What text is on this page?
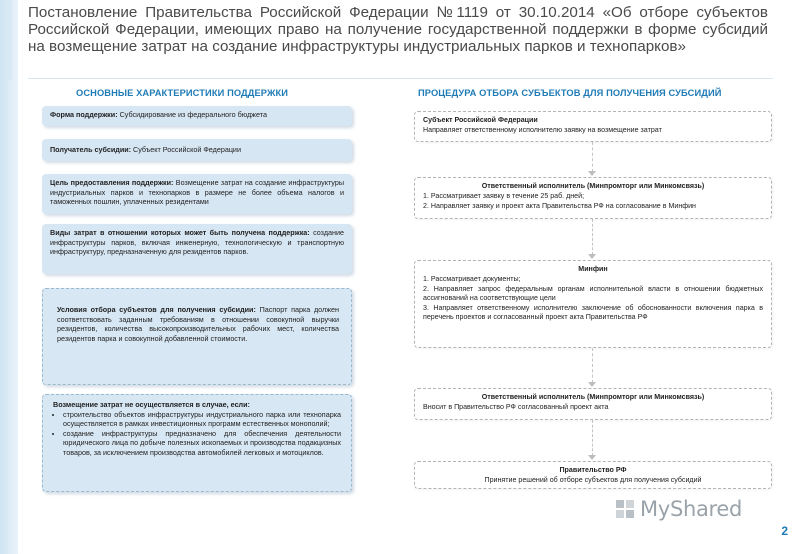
Постановление Правительства Российской Федерации №1119 от 30.10.2014 «Об отборе субъектов Российской Федерации, имеющих право на получение государственной поддержки в форме субсидий на возмещение затрат на создание инфраструктуры индустриальных парков и технопарков»
ОСНОВНЫЕ ХАРАКТЕРИСТИКИ ПОДДЕРЖКИ	ПРОЦЕДУРА ОТБОРА СУБЪЕКТОВ ДЛЯ ПОЛУЧЕНИЯ СУБСИДИЙ
Форма поддержки: Субсидирование из федерального бюджета
Получатель субсидии: Субъект Российской Федерации
Цель предоставления поддержки: Возмещение затрат на создание инфраструктуры индустриальных парков и технопарков в размере не более объема налогов и таможенных пошлин, уплаченных резидентами
Виды затрат в отношении которых может быть получена поддержка: создание инфраструктуры парков, включая инженерную, технологическую и транспортную инфраструктуру, предназначенную для резидентов парков.
Условия отбора субъектов для получения субсидии: Паспорт парка должен соответствовать заданным требованиям в отношении совокупной выручки резидентов, количества высокопроизводительных рабочих мест, количества резидентов парка и совокупной добавленной стоимости.
Возмещение затрат не осуществляется в случае, если:
• строительство объектов инфраструктуры индустриального парка или технопарка осуществляется в рамках инвестиционных программ естественных монополий;
• создание инфраструктуры предназначено для обеспечения деятельности юридического лица по добыче полезных ископаемых и производства подакцизных товаров, за исключением производства автомобилей легковых и мотоциклов.
Субъект Российской Федерации
Направляет ответственному исполнителю заявку на возмещение затрат
Ответственный исполнитель (Минпромторг или Минкомсвязь)
1. Рассматривает заявку в течение 25 раб. дней;
2. Направляет заявку и проект акта Правительства РФ на согласование в Минфин
Минфин
1. Рассматривает документы;
2. Направляет запрос федеральным органам исполнительной власти в отношении бюджетных ассигнований на соответствующие цели
3. Направляет ответственному исполнителю заключение об обоснованности включения парка в перечень проектов и согласованный проект акта Правительства РФ
Ответственный исполнитель (Минпромторг или Минкомсвязь)
Вносит в Правительство РФ согласованный проект акта
Правительство РФ
Принятие решений об отборе субъектов для получения субсидий
MyShared
2
